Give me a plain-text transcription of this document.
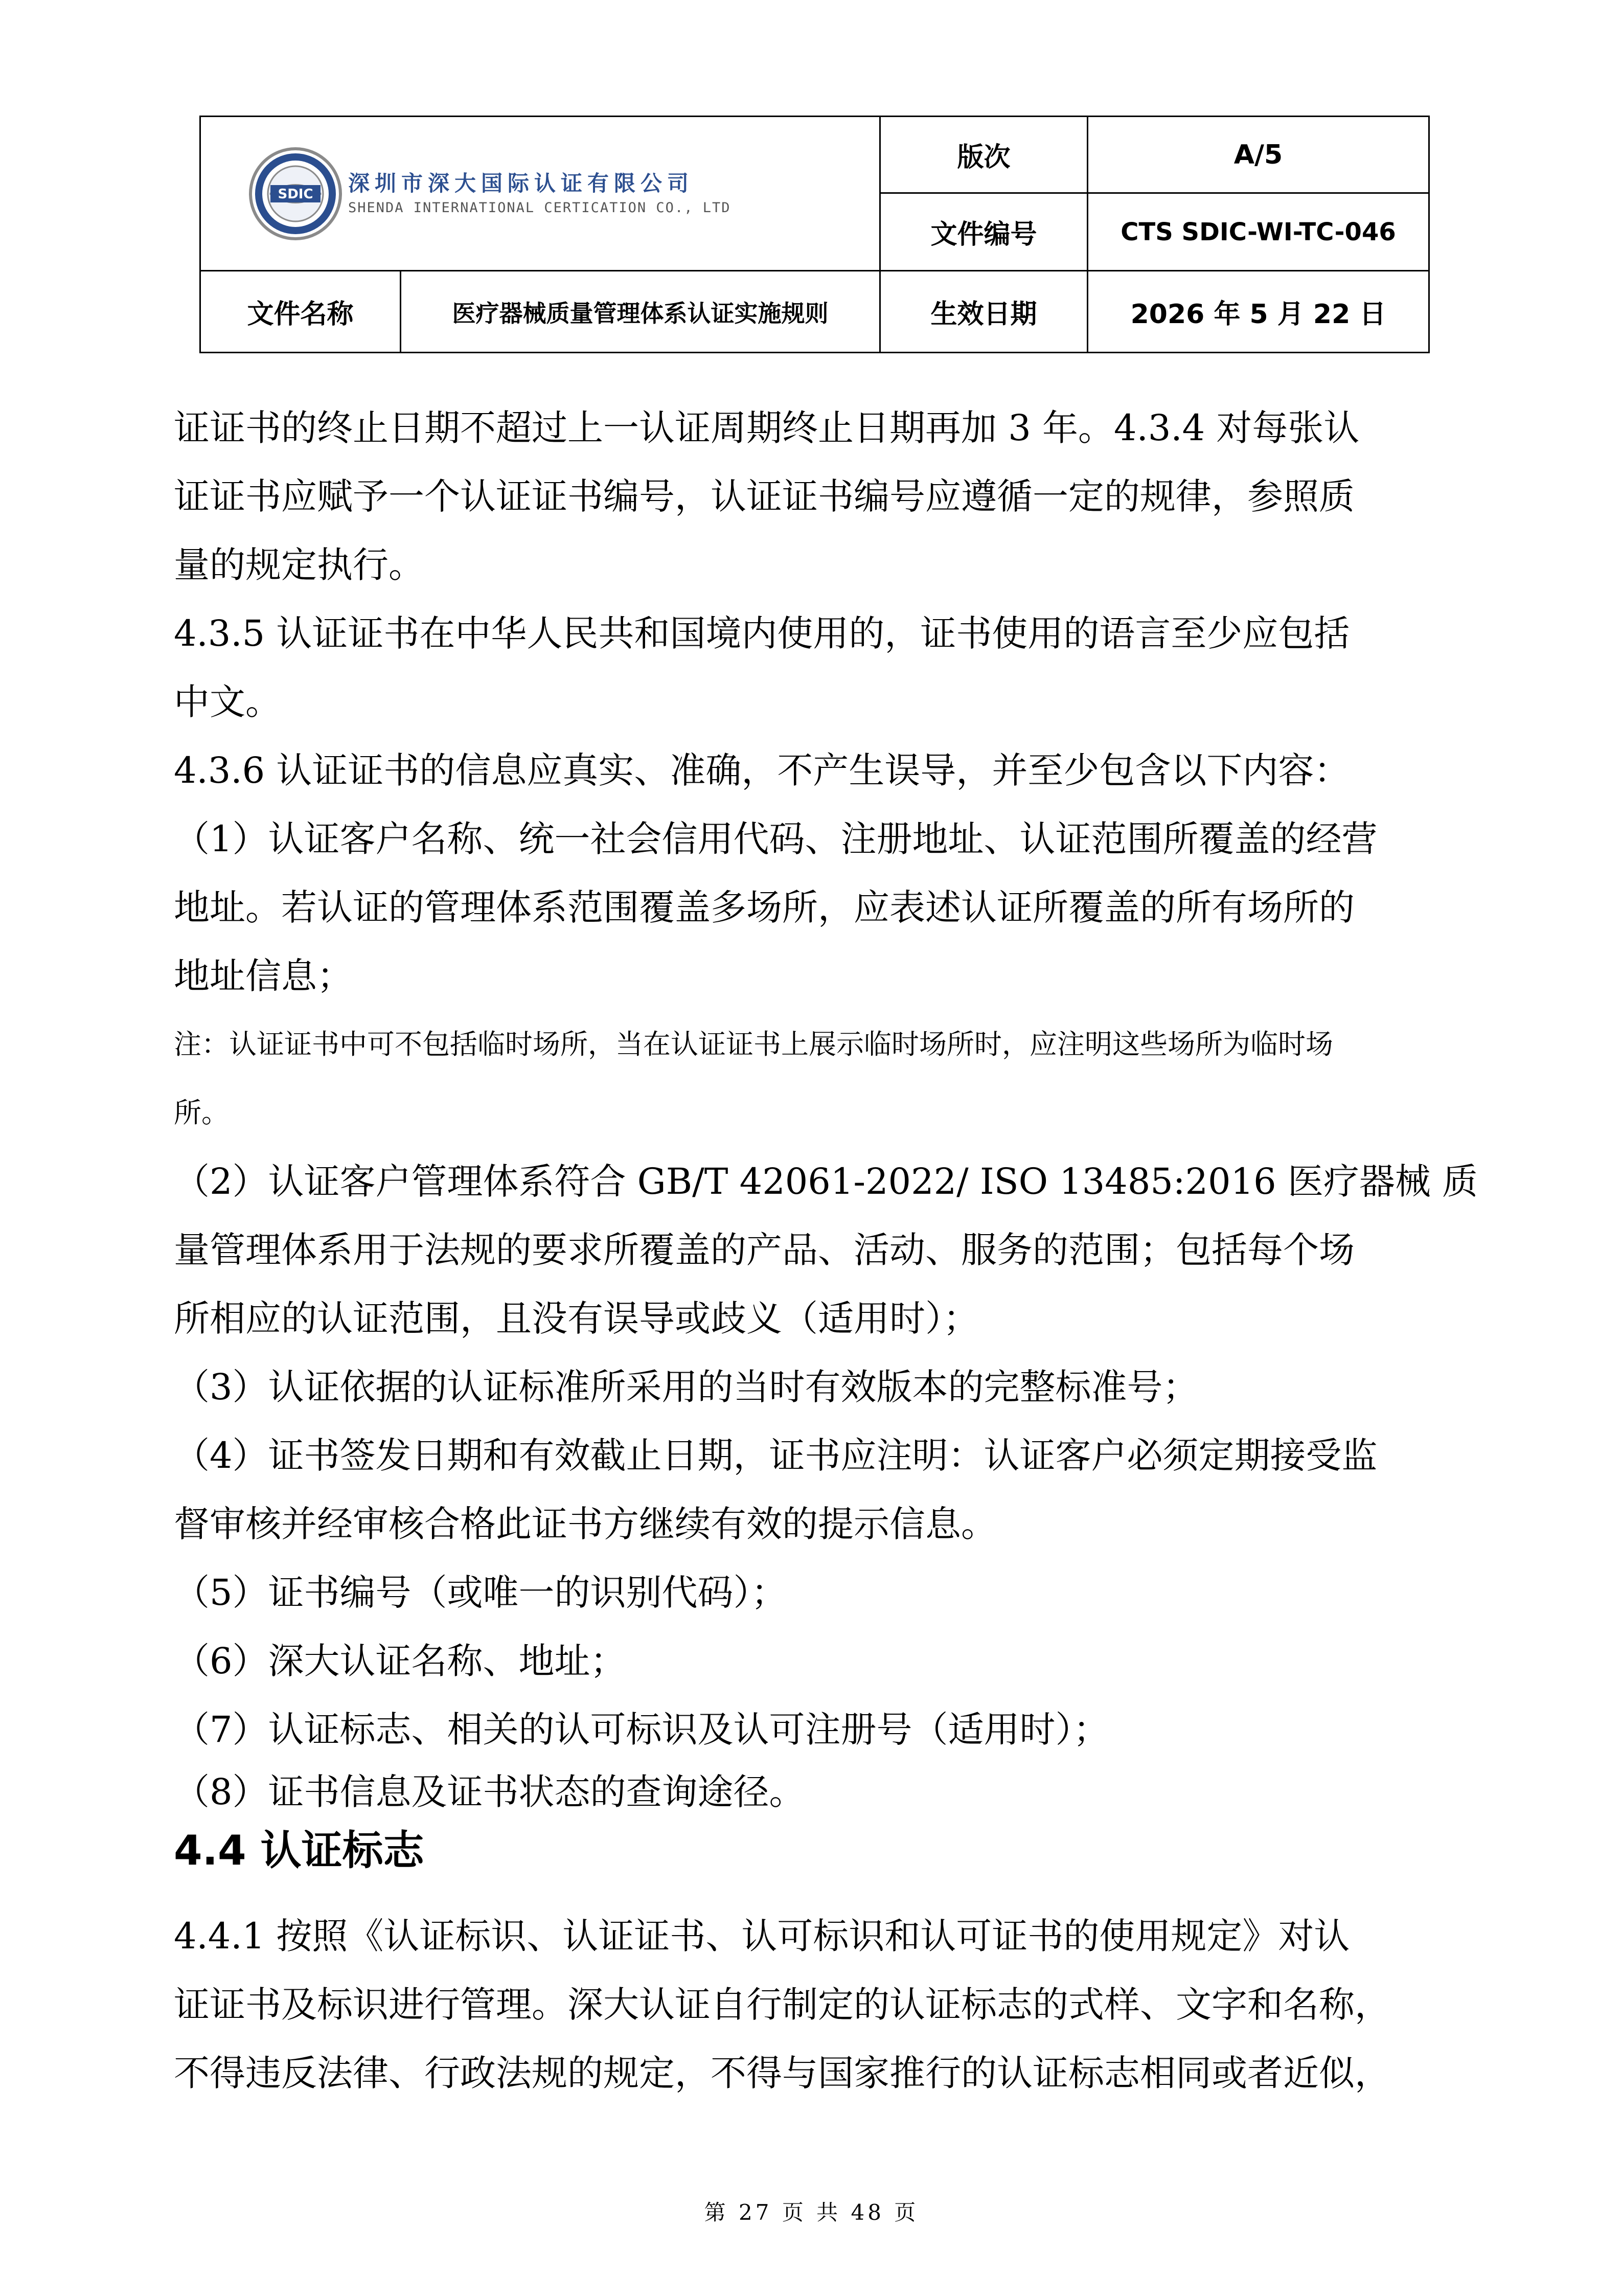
SDIC 深圳市深大国际认证有限公司
SHENDA INTERNATIONAL CERTICATION CO., LTD		版次	A/5
		文件编号	CTS SDIC-WI-TC-046
文件名称	医疗器械质量管理体系认证实施规则	生效日期	2026 年 5 月 22 日

证证书的终止日期不超过上一认证周期终止日期再加 3 年。4.3.4 对每张认

证证书应赋予一个认证证书编号，认证证书编号应遵循一定的规律，参照质

量的规定执行。

4.3.5 认证证书在中华人民共和国境内使用的，证书使用的语言至少应包括

中文。

4.3.6 认证证书的信息应真实、准确，不产生误导，并至少包含以下内容：

（1）认证客户名称、统一社会信用代码、注册地址、认证范围所覆盖的经营

地址。若认证的管理体系范围覆盖多场所，应表述认证所覆盖的所有场所的

地址信息；

注：认证证书中可不包括临时场所，当在认证证书上展示临时场所时，应注明这些场所为临时场

所。

（2）认证客户管理体系符合 GB/T 42061-2022/ ISO 13485:2016 医疗器械 质

量管理体系用于法规的要求所覆盖的产品、活动、服务的范围；包括每个场

所相应的认证范围，且没有误导或歧义（适用时）；

（3）认证依据的认证标准所采用的当时有效版本的完整标准号；

（4）证书签发日期和有效截止日期，证书应注明：认证客户必须定期接受监

督审核并经审核合格此证书方继续有效的提示信息。

（5）证书编号（或唯一的识别代码）；

（6）深大认证名称、地址；

（7）认证标志、相关的认可标识及认可注册号（适用时）；

（8）证书信息及证书状态的查询途径。

4.4 认证标志

4.4.1 按照《认证标识、认证证书、认可标识和认可证书的使用规定》对认

证证书及标识进行管理。深大认证自行制定的认证标志的式样、文字和名称，

不得违反法律、行政法规的规定，不得与国家推行的认证标志相同或者近似，

第 27 页 共 48 页
